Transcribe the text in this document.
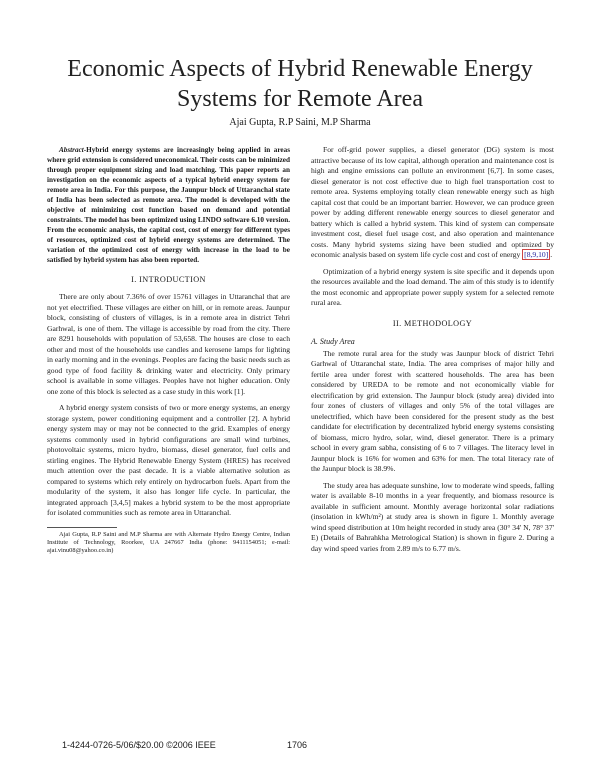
Economic Aspects of Hybrid Renewable Energy
Systems for Remote Area

Ajai Gupta, R.P Saini, M.P Sharma

Abstract-Hybrid energy systems are increasingly being applied in areas where grid extension is considered uneconomical. Their costs can be minimized through proper equipment sizing and load matching. This paper reports an investigation on the economic aspects of a typical hybrid energy system for remote area in India. For this purpose, the Jaunpur block of Uttaranchal state of India has been selected as remote area. The model is developed with the objective of minimizing cost function based on demand and potential constraints. The model has been optimized using LINDO software 6.10 version. From the economic analysis, the capital cost, cost of energy for different types of resources, optimized cost of hybrid energy systems are determined. The variation of the optimized cost of energy with increase in the load to be satisfied by hybrid system has also been reported.

I. INTRODUCTION

There are only about 7.36% of over 15761 villages in Uttaranchal that are not yet electrified. These villages are either on hill, or in remote areas. Jaunpur block, consisting of clusters of villages, is in a remote area in district Tehri Garhwal, is one of them. The village is accessible by road from the city. There are 8291 households with population of 53,658. The houses are close to each other and most of the households use candles and kerosene lamps for lighting in early morning and in the evenings. Peoples are facing the basic needs such as good type of food facility & drinking water and electricity. Only primary school is available in some villages. Peoples have not higher education. Only one zone of this block is selected as a case study in this work [1].

A hybrid energy system consists of two or more energy systems, an energy storage system, power conditioning equipment and a controller [2]. A hybrid energy system may or may not be connected to the grid. Examples of energy systems commonly used in hybrid configurations are small wind turbines, photovoltaic systems, micro hydro, biomass, diesel generator, fuel cells and stirling engines. The Hybrid Renewable Energy System (HRES) has received much attention over the past decade. It is a viable alternative solution as compared to systems which rely entirely on hydrocarbon fuels. Apart from the modularity of the system, it also has longer life cycle. In particular, the integrated approach [3,4,5] makes a hybrid system to be the most appropriate for isolated communities such as remote area in Uttaranchal.

Ajai Gupta, R.P Saini and M.P Sharma are with Alternate Hydro Energy Centre, Indian Institute of Technology, Roorkee, UA 247667 India (phone: 9411154051; e-mail: ajai.vinu08@yahoo.co.in)

For off-grid power supplies, a diesel generator (DG) system is most attractive because of its low capital, although operation and maintenance cost is high and engine emissions can pollute an environment [6,7]. In some cases, diesel generator is not cost effective due to high fuel transportation cost to remote area. Systems employing totally clean renewable energy such as high capital cost that could be an important barrier. However, we can produce green power by adding different renewable energy sources to diesel generator and battery which is called a hybrid system. This kind of system can compensate investment cost, diesel fuel usage cost, and also operation and maintenance costs. Many hybrid systems sizing have been studied and optimized by economic analysis based on system life cycle cost and cost of energy [8,9,10] .

Optimization of a hybrid energy system is site specific and it depends upon the resources available and the load demand. The aim of this study is to identify the most economic and appropriate power supply system for a selected remote rural area.

II. METHODOLOGY
A. Study Area

The remote rural area for the study was Jaunpur block of district Tehri Garhwal of Uttaranchal state, India. The area comprises of major hilly and fertile area under forest with scattered households. The area has been considered by UREDA to be remote and not economically viable for electrification by grid extension. The Jaunpur block (study area) divided into four zones of clusters of villages and only 5% of the total villages are unelectrified, which have been considered for the present study as the best candidate for electrification by decentralized hybrid energy systems consisting of biomass, micro hydro, solar, wind, diesel generator. There is a primary school in every gram sabha, consisting of 6 to 7 villages. The literacy level in Jaunpur block is 16% for women and 63% for men. The total literacy rate of the Jaunpur block is 38.9%.

The study area has adequate sunshine, low to moderate wind speeds, falling water is available 8-10 months in a year frequently, and biomass resource is available in sufficient amount. Monthly average horizontal solar radiations (insolation in kWh/m²) at study area is shown in figure 1. Monthly average wind speed distribution at 10m height recorded in study area (30° 34' N, 78° 37' E) (Details of Bahrahkha Metrological Station) is shown in figure 2. During a day wind speed varies from 2.89 m/s to 6.77 m/s.

1-4244-0726-5/06/$20.00 ©2006 IEEE	1706
